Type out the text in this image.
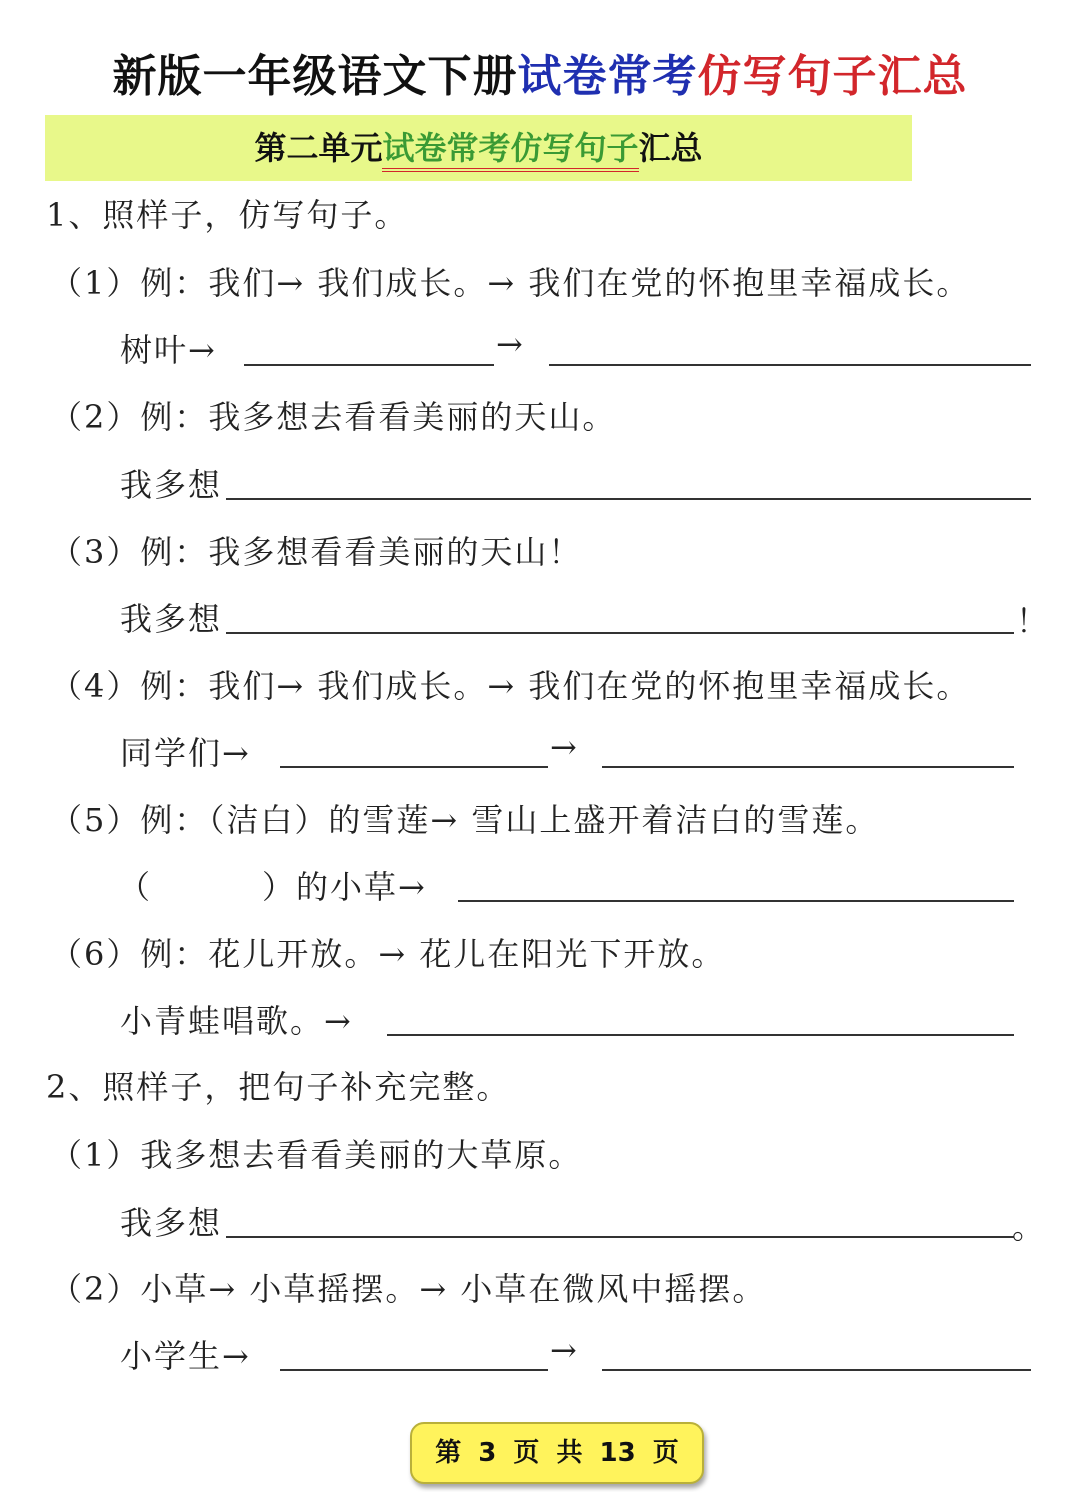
新版一年级语文下册试卷常考仿写句子汇总
第二单元试卷常考仿写句子汇总
1、照样子，仿写句子。
（1）例：我们→ 我们成长。→ 我们在党的怀抱里幸福成长。
树叶→	→
（2）例：我多想去看看美丽的天山。
我多想
（3）例：我多想看看美丽的天山！
我多想	！
（4）例：我们→ 我们成长。→ 我们在党的怀抱里幸福成长。
同学们→	→
（5）例：（洁白）的雪莲→ 雪山上盛开着洁白的雪莲。
（	）的小草→
（6）例：花儿开放。→ 花儿在阳光下开放。
小青蛙唱歌。→
2、照样子，把句子补充完整。
（1）我多想去看看美丽的大草原。
我多想	。
（2）小草→ 小草摇摆。→ 小草在微风中摇摆。
小学生→	→
第 3 页 共 13 页
